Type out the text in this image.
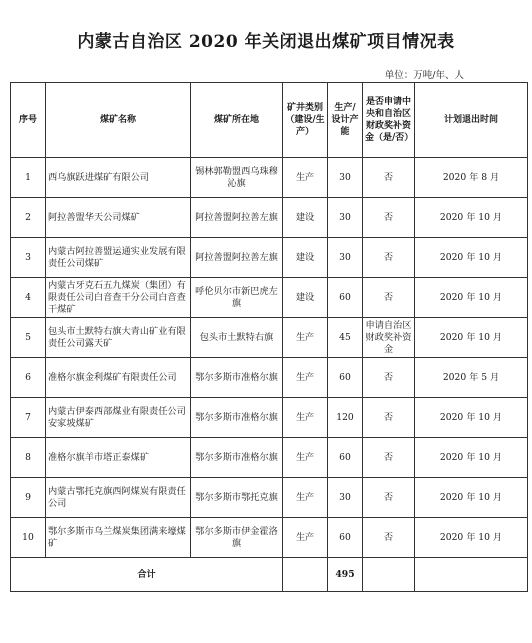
内蒙古自治区 2020 年关闭退出煤矿项目情况表
单位：万吨/年、人
序号	煤矿名称	煤矿所在地	矿井类别（建设/生产）	生产/设计产能	是否申请中央和自治区财政奖补资金（是/否）	计划退出时间
1	西乌旗跃进煤矿有限公司	锡林郭勒盟西乌珠穆沁旗	生产	30	否	2020 年 8 月
2	阿拉善盟华天公司煤矿	阿拉善盟阿拉善左旗	建设	30	否	2020 年 10 月
3	内蒙古阿拉善盟运通实业发展有限责任公司煤矿	阿拉善盟阿拉善左旗	建设	30	否	2020 年 10 月
4	内蒙古牙克石五九煤炭（集团）有限责任公司白音查干分公司白音查干煤矿	呼伦贝尔市新巴虎左旗	建设	60	否	2020 年 10 月
5	包头市土默特右旗大青山矿业有限责任公司露天矿	包头市土默特右旗	生产	45	申请自治区财政奖补资金	2020 年 10 月
6	准格尔旗金利煤矿有限责任公司	鄂尔多斯市准格尔旗	生产	60	否	2020 年 5 月
7	内蒙古伊泰西部煤业有限责任公司安家坡煤矿	鄂尔多斯市准格尔旗	生产	120	否	2020 年 10 月
8	准格尔旗羊市塔正泰煤矿	鄂尔多斯市准格尔旗	生产	60	否	2020 年 10 月
9	内蒙古鄂托克旗西阿煤炭有限责任公司	鄂尔多斯市鄂托克旗	生产	30	否	2020 年 10 月
10	鄂尔多斯市乌兰煤炭集团满来壕煤矿	鄂尔多斯市伊金霍洛旗	生产	60	否	2020 年 10 月
合计				495		
